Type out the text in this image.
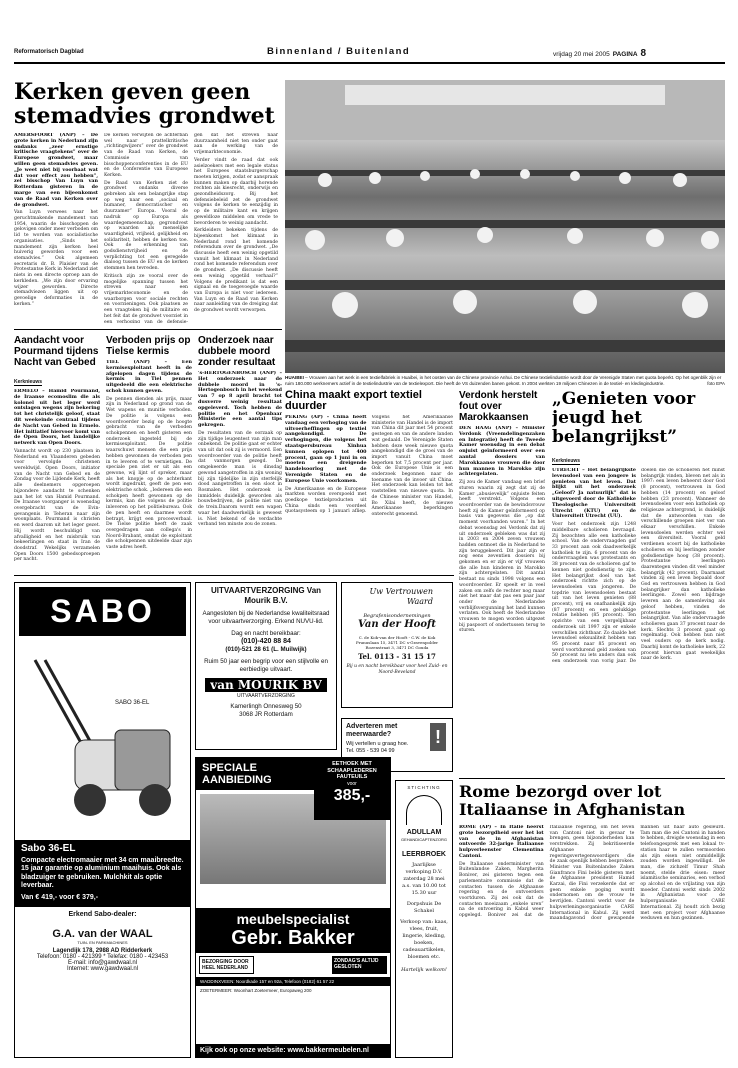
Reformatorisch Dagblad	Binnenland / Buitenland	vrijdag 20 mei 2005 PAGINA 8
Kerken geven geen stemadvies grondwet

AMERSFOORT (ANP) – De grote kerken in Nederland zijn ondanks „zeer ernstige kritische vraagtekens” over de Europese grondwet, maar willen geen stemadvies geven. „Je weet niet bij voorbaat wat dat voor effect zou hebben”, zei bisschop Van Luyn van Rotterdam gisteren in de marge van een bijeenkomst van de Raad van Kerken over de grondwet.

Van Luyn verwees naar het geruchtmakende mandement van 1954, waarin de bisschoppen de gelovigen onder meer verboden om lid te worden van socialistische organisaties. „Sinds het mandement zijn kerken heel huiverig geworden voor een stemadvies.” Ook algemeen secretaris dr. B. Plaisier van de Protestantse Kerk in Nederland ziet niets in een directe oproep aan de kerkleden. „We zijn door ervaring wijzer geworden. Directe stemadviezen liggen uit op gevoelige deformaties in de kerken.”

De kerken verwijten de achterban wel naar prattelkritische „richtingwijzers” over de grondwet van de Raad van Kerken, de Commissie van bisschoppenconferenties in de EU en de Conferentie van Europese Kerken.

De Raad van Kerken ziet de grondwet ondanks diverse gebreken als een belangrijke stap op weg naar een „sociaal en humaner, democratischer en duurzamer” Europa. Vooral de nadruk op Europa als waardegemeenschap, gegrondvest op waarden als menselijke waardigheid, vrijheid, gelijkheid en solidariteit, hebben de kerken toe. Ook de erkenning van godsdienstvrijheid en de verplichting tot een geregelde dialoog tussen de EU en de kerken stemmen hen tevreden.

Kritisch zijn ze vooral over de mogelijke spanning tussen het streven naar een vrijemarkteconomie en de waarborgen voor sociale rechten en voorzieningen. Ook plaatsen ze een vraagteken bij de militaire en het feit dat de grondwet voorziet in een verhoging van de defensie-

gen dat het streven naar duurzaamheid niet ten onder gaat aan de werking van de vrijemarkteconomie.

Verder vindt de raad dat ook asielzoekers met een legale status het Europees staatsburgerschap moeten krijgen, zodat er aanspraak kunnen maken op daarbij horende rechten als kiesrecht, onderwijs en gezondheidszorg. Bij het defensiebeleid zet de grondwet volgens de kerken te eenzijdig in op de militaire kant en krijgen geweldloze middelen om vrede te bevorderen te weinig aandacht.

Kerkleiders bekeken tijdens de bijeenkomst het klimaat in Nederland rond het komende referendum over de grondwet. „De discussie heeft een weinig opgetild vanuit het klimaat in Nederland rond het komende referendum over de grondwet. „De discussie heeft een weinig opgetild verhaal?” Volgens de predikant is dat een signaal en de toegevoegde waarde van Europa is niet voor iedereen. Van Luyn en de Raad van Kerken naar aanleiding van de dreiging dat de grondwet wordt verworpen.

HUAIBEI – Vrouwen aan het werk in een textielfabriek in Huaibei, in het oosten van de Chinese provincie Anhui. De Chinese textielindustrie wordt door de Verenigde Staten met quota beperkt. Op het ogenblik zijn er ruim 180.000 werknemers actief in de textielindustrie van de textielexport. Die heeft de VS duizenden banen gekost. In 2004 werkten 19 miljoen Chinezen in de textiel- en kledingindustrie.	foto EPA
Aandacht voor Pourmand tijdens Nacht van Gebed
Kerknieuws

ERMELO – Hamid Pourmand, de Iraanse ecomoslim die als kolonel uit het leger werd ontslagen wegens zijn bekering tot het christelijk geloof, staat dit weekeinde centraal tijdens de Nacht van Gebed in Ermelo. Het initiatief hiervoor komt van de Open Doors, het landelijke netwerk van Open Doors.

Vannacht wordt op 230 plaatsen in Nederland en Vlaanderen gebeden voor vervolgde christenen wereldwijd. Open Doors, initiator van de Nacht van Gebed en de Zondag voor de Lijdende Kerk, heeft alle deelnemers opgeroepen bijzondere aandacht te schenken aan het lot van Hamid Pourmand. De Iraanse voorganger is woensdag overgebracht van de Evin-gevangenis in Teheran naar zijn woonplaats. Pourmand is christen en werd daarom uit het leger gezet. Hij wordt beschuldigd van afvalligheid en het misbruik van bekeerlingen en staat in Iran de doodstraf. Wekelijks verzamelen Open Doors 1500 gebedsoproepen per nacht.

Verboden prijs op Tielse kermis

TIEL (ANP) – Een kermisexploitant heeft in de afgelopen dagen tijdens de kermis in Tiel pennen uitgedeeld die een elektrische schok kunnen geven.

De pennen dienden als prijs, maar zijn in Nederland op grond van de Wet wapens en munitie verboden. De politie is volgens een woordvoerder bezig op de hoogte gebracht van de verboden schokpennen en heeft gisteren een onderzoek ingesteld bij de kermisexploitant. De politie waarschuwt mensen die een prijs hebben gewonnen de verboden pen in te leveren of te vernietigen. De speciale pen ziet er uit als een gewone, wij lijnt of spreker, maar als het knopje op de achterkant wordt ingedrukt, geeft de pen een elektrische schok. „Iedereen die een schokpen heeft gewonnen op de kermis, kan die volgens de politie inleveren op het politiebureau. Ook de pen heeft en daarmee wordt betrapt, krijgt een procesverbaal. De Tielse politie heeft de zaak overgedragen aan collega's in Noord-Brabant, omdat de exploitant die schokpennen uitdeelde daar zijn vaste adres heeft.

Onderzoek naar dubbele moord zonder resultaat

's-HERTOGENBOSCH (ANP) – Het onderzoek naar de dubbele moord in 's-Hertogenbosch in het weekend van 7 op 8 april bracht tot dusverre weinig resultaat opgeleverd. Toch hebben de politie en het Openbaar Ministerie een aantal tips gekregen.

De resultaten van de oorzaak op zijn tijdige leugentest van zijn man onbekend. De politie gaat er echter van uit dat ook zij is vermoord. Een woordvoerder van de politie heeft dat vanmorgen gezegd. De omgekeerde man is dinsdag gewond aangetroffen in zijn woning bij zijn tijdelijke in zijn sterfelijk dood aangetroffen in een sloot in Rosmalen. Het onderzoek is inmiddels duidelijk geworden als bouwbedrijven, de politie niet van de trein.Daarom wordt een wapen waar het daadwerkelijk is geweest is. Niet bekend of de verdachte verband ten minste zou de zonen.

China maakt export textiel duurder

PEKING (AP) – China heeft vandaag een verhoging van de uitvoerheffingen op textiel aangekondigd. De verhogingen, die volgens het staatspersbureau Xinhua kunnen oplopen tot 400 procent, gaan op 1 juni in en moeten een dreigende handelsoorlog met de Verenigde Staten en de Europese Unie voorkomen.

De Amerikaanse en de Europese markten worden overspoeld met goedkope textielproducten uit China sinds een voordeel quotasysteem op 1 januari afliep. Volgens het Amerikaanse ministerie van Handel is de import van China dit jaar met 54 procent gestegen en van de andere landen wat gedaald. De Verenigde Staten hebben deze week nieuwe quota aangekondigd die de groei van de import vanuit China moet beperken tot 7,5 procent per jaar. Ook de Europese Unie is een onderzoek begonnen naar de toename van de invoer uit China. Het onderzoek kan leiden tot het vaststellen van nieuwe quota. In de Chinese minister van Handel, Bo Xilai heeft, de nieuwe Amerikaanse beperkingen onterecht genoemd.

Verdonk herstelt fout over Marokkaansen

DEN HAAG (ANP) – Minister Verdonk (Vreemdelingenzaken en Integratie) heeft de Tweede Kamer woensdag in een debat onjuist geïnformeerd over een aantal dossiers van Marokkaanse vrouwen die door hun mannen in Marokko zijn achtergelaten.

Zij zou de Kamer vandaag een brief sturen waarin zij zegt dat zij de Kamer „abusievelijk” onjuiste feiten heeft verstrekt. Volgens een woordvoerder van de bewindsvrouw heeft zij de Kamer geïnformeerd op basis van gegevens die „op dat moment voorhanden waren.” In het debat woensdag zei Verdonk dat zij uit onderzoek gebleken was dat zij in 2003 en 2004 zeven vrouwen hadden ontmoet die in Nederland te zijn teruggekeerd. Dit jaar zijn er nog eens zeventien dossiers bij gekomen en er zijn er vijf vrouwen die alle hun kinderen in Marokko zijn achtergelaten. Dit aantal bestaat nu sinds 1998 volgens een woordvoerder. Er speelt er in veel zaken om zelfs de rechter nog maar niet het maar dat pas een paar jaar onder de Nederlandse verblijfsvergunning het land kunnen verlaten. Ook heeft de Nederlandse vrouwen te mogen worden uitgezet bij paspoort of ondertussen terug te sturen.

„Genieten voor jeugd het belangrijkst”
Kerknieuws

UTRECHT – Het belangrijkste levensdoel van een jongere is genieten van het leven. Dat blijkt uit het onderzoek „Geloof? Ja natuurlijk” dat is uitgevoerd door de Katholieke Theologische Universiteit Utrecht (KTU) en de Universiteit Utrecht (UU).

Voor het onderzoek zijn 1248 middelbare scholieren bevraagd. Zij bezochten alle een katholieke school. Van de ondervraagden gaf 33 procent aan ook daadwerkelijk katholiek te zijn. 6 procent van de ondervraagden was protestants en 38 procent van de scholieren gaf te kennen niet godsdienstig te zijn. Het belangrijkst doel van het onderzoek richtte zich op de levensdoelen van jongeren. De topdrie van levensdoelen bestaat uit van het leven genieten (88 procent), vrij en onafhankelijk zijn (87 procent) en een gelukkige relatie hebben (85 procent). Ten opzichte van een vergelijkbaar onderzoek uit 1997 zijn er enkele verschillen zichtbaar. Zo daalde het levensdoel seksualiteit hebben van 95 procent naar 85 procent en werd voortdurend geld zoeken van 50 procent nu iets anders dan ook een onderzoek van vorig jaar. De doelen die de scholieren het minst belangrijk vinden, bleven net als in 1997: een leven beheerst door God (8 procent), vertrouwen in God hebben (14 procent) en geloof hebben (23 procent). Wanneer de levensdoelen voor een katholiek op religieuze achtergrond, is duidelijk dat de antwoorden van de verschillende groepen niet ver van elkaar verschillen. Enkele levensdoelen werden echter wel een diversiteit. Vooral geld verdienen scoort bij de katholieke scholieren en bij leerlingen zonder godsdienstige hoog (38 procent). Protestantse leerlingen daarentegen vinden dit veel minder belangrijk (42 procent). Daarnaast vinden zij een leven bepaald door God en vertrouwen hebben in God belangrijker dan katholieke leerlingen. Zowel een bijdrage leveren aan de samenleving als geloof hebben, vinden de protestantse leerlingen het belangrijkst. Van alle ondervraagde scholieren gaan 37 procent naar de kerk. Slechts 3 procent gaat op regelmatig. Ook hebben hun niet veel ouders op de kerk nodig. Daarbij komt de katholieke kerk, 22 procent hiervan gaat weekelijks naar de kerk.

Rome bezorgd over lot Italiaanse in Afghanistan

ROME (AP) – In Italië heerst grote bezorgdheid over het lot van de in Afghanistan ontvoerde 32-jarige Italiaanse hulpverleenster Clementina Cantoni.

De Italiaanse onderminister van Buitenlandse Zaken, Margherita Boniver, zei gisteren tegen een parlementaire commissie dat de contacten tussen de Afghaanse regering en de ontvoerders voortduren. Zij zei ook dat de contacten moeizaam „enkele uren” na de ontvoering in Kabul weer opgelegd. Boniver zei dat de Italiaanse regering, om het leven van Cantoni niet in gevaar te brengen, geen bijzonderheden kan verstrekken. Zij bekritiseerde Afghaanse regeringsvertegenwoordigers die de zaak openlijk hebben besproken. Minister van Buitenlandse Zaken Gianfranco Fini belde gisteren met de Afghaanse president Hamid Karzai, die Fini verzekerde dat er geen enkele poging wordt ondernomen om de vrouw te bevrijden. Cantoni werkt voor de hulpverleningsorganisatie CARE International in Kabul. Zij werd maandagavond door gewapende mannen uit haar auto gesleurd. Tam man die zei Cantoni in handen te hebben, dreigde woensdag in een telefoongesprek met een lokaal tv-station haar te zullen vermoorden als zijn eisen niet onmiddellijk zouden worden ingewilligd. De man, die zichzelf Timur Shah noemt, stelde drie eisen: meer islamitische seminaries, een verbod op alcohol en de vrijlating van zijn moeder. Cantoni werkt sinds 2002 in Afghanistan voor de hulporganisatie CARE International. Zij houdt zich bezig met een project voor Afghaanse weduwen en hun gezinnen.

SABO
SABO 36-EL
Sabo 36-EL
Compacte electromaaier met 34 cm maaibreedte. 15 jaar garantie op aluminium maaihuis. Ook als bladzuiger te gebruiken. Mulchkit als optie leverbaar.
Van € 419,- voor € 379,-
Erkend Sabo-dealer:
G.A. van der WAAL
TUIN- EN PARKMACHINES
Lagendijk 178, 2988 AD Ridderkerk
Telefoon: 0180 - 421399 * Telefax: 0180 - 423453
E-mail: info@gawdwaal.nl
Internet: www.gawdwaal.nl
UITVAARTVERZORGING Van Mourik B.V.
Aangesloten bij de Nederlandse kwaliteitsraad voor uitvaartverzorging. Erkend NUVU-lid.
Dag en nacht bereikbaar:
(010)-420 88 84
(010)-521 28 61 (L. Muilwijk)
Ruim 50 jaar een begrip voor een stijlvolle en eerbiedige uitvaart.
van MOURIK BV
UITVAARTVERZORGING
Kamerlingh Onnesweg 50
3068 JR Rotterdam
Uw Vertrouwen Waard
Begrafenisondernemingen
Van der Hooft
C. de Kok-van der Hooft - C.W. de Kok
Prunuslaan 15, 3471 DC s-Gravenpolder
Rozenstraat 3, 3471 DC Gouda
Tel. 0113 - 31 15 17
Bij u en nacht bereikbaar voor heel Zuid- en Noord-Beveland
Adverteren met meerwaarde?
Wij vertellen u graag hoe.
Tel. 055 - 539 04 99
!
SPECIALE AANBIEDING
EETHOEK MET SCHAAPLEDEREN FAUTEUILS
voor
385,-
meubelspecialist
Gebr. Bakker
BEZORGING DOOR HEEL NEDERLAND
ZONDAG'S ALTIJD GESLOTEN
WADDINXVEEN: Noordkade 157 en 92a, Telefoon (0182) 61 57 22
ZOETERMEER: Woonhart Zoetermeer, Europaweg 200
Kijk ook op onze website: www.bakkermeubelen.nl
STICHTING
ADULLAM
GEHANDICAPTENZORG
LEERBROEK
Jaarlijkse verkoping D.V. zaterdag 28 mei a.s. van 10.00 tot 15.30 uur
Dorpshuis De Schakel
Verkoop van: kaas, vlees, fruit, lingerie, kleding, boeken, cadeauartikelen, bloemen etc.
Hartelijk welkom!
